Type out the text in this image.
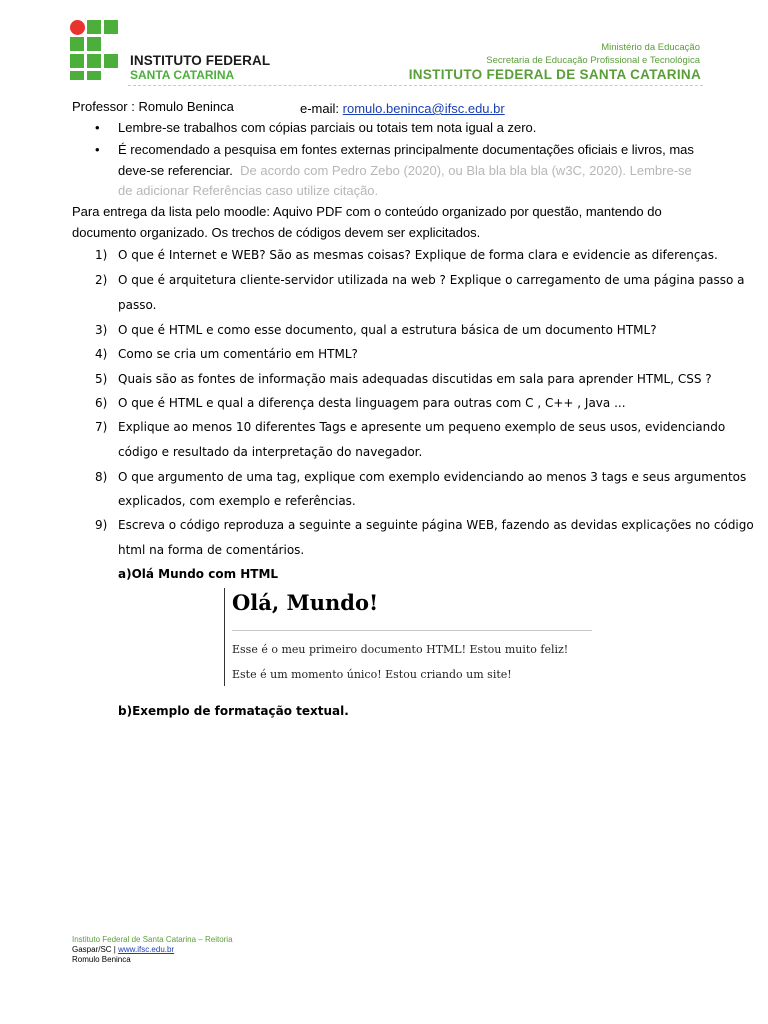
INSTITUTO FEDERAL
SANTA CATARINA
Ministério da Educação
Secretaria de Educação Profissional e Tecnológica
INSTITUTO FEDERAL DE SANTA CATARINA
Professor : Romulo Benincа	e-mail: romulo.beninca@ifsc.edu.br
• Lembre-se trabalhos com cópias parciais ou totais tem nota igual a zero.
• É recomendado a pesquisa em fontes externas principalmente documentações oficiais e livros, mas
deve-se referenciar. De acordo com Pedro Zebo (2020), ou Bla bla bla bla (w3C, 2020). Lembre-se
de adicionar Referências caso utilize citação.
Para entrega da lista pelo moodle: Aquivo PDF com o conteúdo organizado por questão, mantendo do
documento organizado. Os trechos de códigos devem ser explicitados.
1) O que é Internet e WEB? São as mesmas coisas? Explique de forma clara e evidencie as diferenças.
2) O que é arquitetura cliente-servidor utilizada na web ? Explique o carregamento de uma página passo a
passo.
3) O que é HTML e como esse documento, qual a estrutura básica de um documento HTML?
4) Como se cria um comentário em HTML?
5) Quais são as fontes de informação mais adequadas discutidas em sala para aprender HTML, CSS ?
6) O que é HTML e qual a diferença desta linguagem para outras com C , C++ , Java ...
7) Explique ao menos 10 diferentes Tags e apresente um pequeno exemplo de seus usos, evidenciando
código e resultado da interpretação do navegador.
8) O que argumento de uma tag, explique com exemplo evidenciando ao menos 3 tags e seus argumentos
explicados, com exemplo e referências.
9) Escreva o código reproduza a seguinte a seguinte página WEB, fazendo as devidas explicações no código
html na forma de comentários.
a)Olá Mundo com HTML
Olá, Mundo!
Esse é o meu primeiro documento HTML! Estou muito feliz!
Este é um momento único! Estou criando um site!
b)Exemplo de formatação textual.
Instituto Federal de Santa Catarina – Reitoria
Gaspar/SC | www.ifsc.edu.br
Romulo Beninca
